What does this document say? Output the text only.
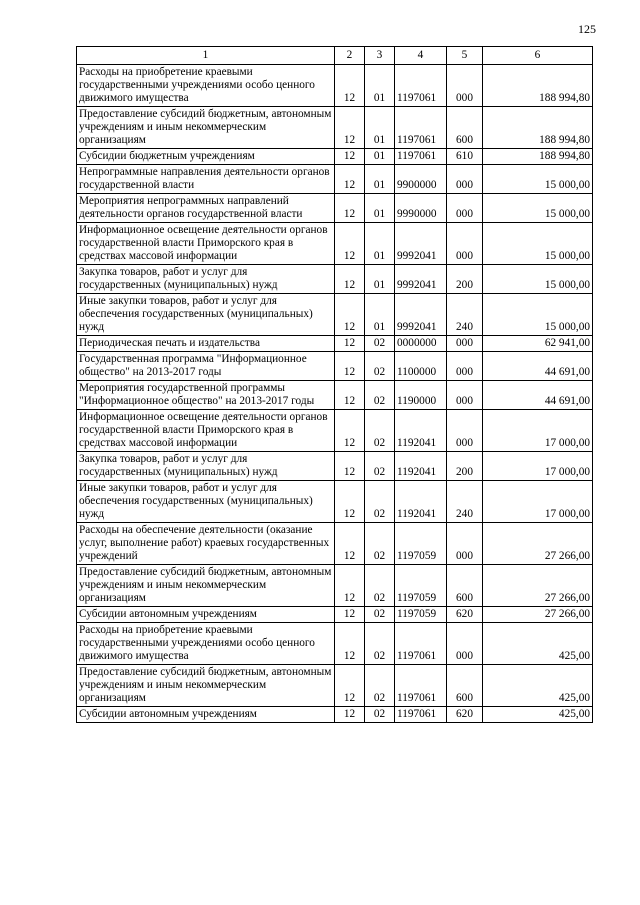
125
1	2	3	4	5	6
Расходы на приобретение краевыми государственными учреждениями особо ценного движимого имущества	12	01	1197061	000	188 994,80
Предоставление субсидий бюджетным, автономным учреждениям и иным некоммерческим организациям	12	01	1197061	600	188 994,80
Субсидии бюджетным учреждениям	12	01	1197061	610	188 994,80
Непрограммные направления деятельности органов государственной власти	12	01	9900000	000	15 000,00
Мероприятия непрограммных направлений деятельности органов государственной власти	12	01	9990000	000	15 000,00
Информационное освещение деятельности органов государственной власти Приморского края в средствах массовой информации	12	01	9992041	000	15 000,00
Закупка товаров, работ и услуг для государственных (муниципальных) нужд	12	01	9992041	200	15 000,00
Иные закупки товаров, работ и услуг для обеспечения государственных (муниципальных) нужд	12	01	9992041	240	15 000,00
Периодическая печать и издательства	12	02	0000000	000	62 941,00
Государственная программа "Информационное общество" на 2013-2017 годы	12	02	1100000	000	44 691,00
Мероприятия государственной программы "Информационное общество" на 2013-2017 годы	12	02	1190000	000	44 691,00
Информационное освещение деятельности органов государственной власти Приморского края в средствах массовой информации	12	02	1192041	000	17 000,00
Закупка товаров, работ и услуг для государственных (муниципальных) нужд	12	02	1192041	200	17 000,00
Иные закупки товаров, работ и услуг для обеспечения государственных (муниципальных) нужд	12	02	1192041	240	17 000,00
Расходы на обеспечение деятельности (оказание услуг, выполнение работ) краевых государственных учреждений	12	02	1197059	000	27 266,00
Предоставление субсидий бюджетным, автономным учреждениям и иным некоммерческим организациям	12	02	1197059	600	27 266,00
Субсидии автономным учреждениям	12	02	1197059	620	27 266,00
Расходы на приобретение краевыми государственными учреждениями особо ценного движимого имущества	12	02	1197061	000	425,00
Предоставление субсидий бюджетным, автономным учреждениям и иным некоммерческим организациям	12	02	1197061	600	425,00
Субсидии автономным учреждениям	12	02	1197061	620	425,00
